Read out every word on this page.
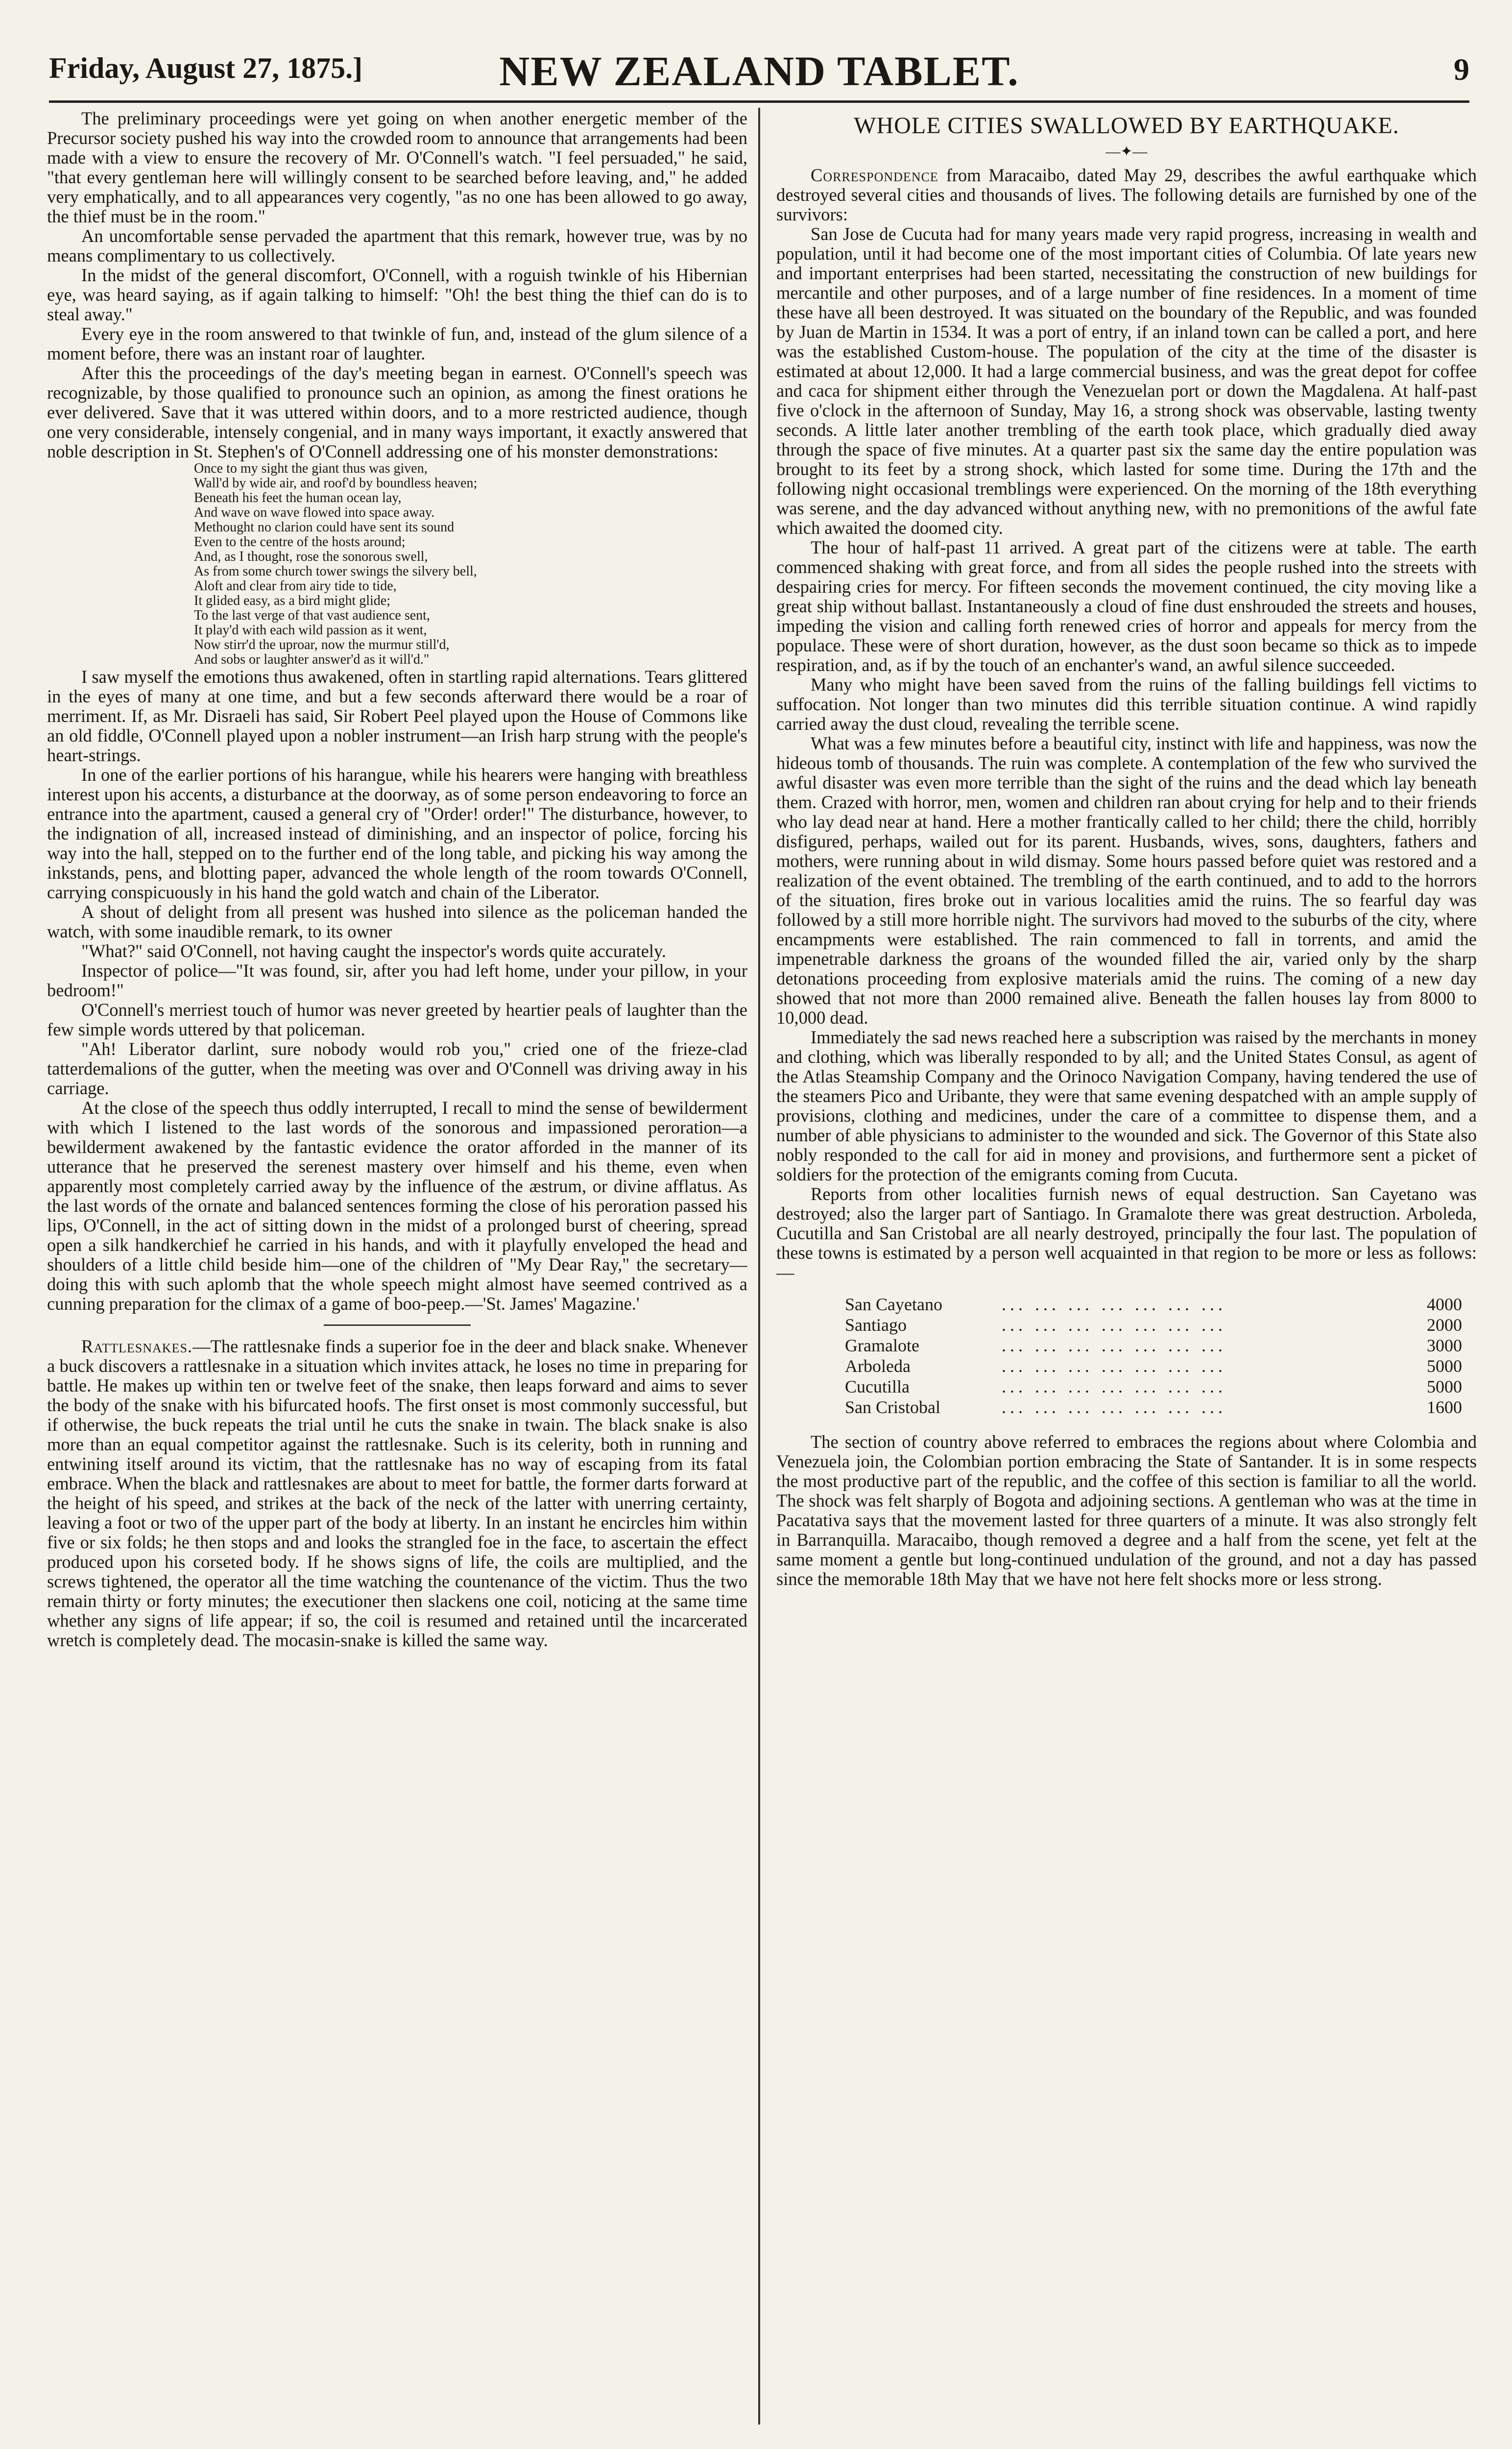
Friday, August 27, 1875.]	NEW ZEALAND TABLET.	9

The preliminary proceedings were yet going on when another energetic member of the Precursor society pushed his way into the crowded room to announce that arrangements had been made with a view to ensure the recovery of Mr. O'Connell's watch. "I feel persuaded," he said, "that every gentleman here will willingly consent to be searched before leaving, and," he added very emphatically, and to all appearances very cogently, "as no one has been allowed to go away, the thief must be in the room."

An uncomfortable sense pervaded the apartment that this remark, however true, was by no means complimentary to us collectively.

In the midst of the general discomfort, O'Connell, with a roguish twinkle of his Hibernian eye, was heard saying, as if again talking to himself: "Oh! the best thing the thief can do is to steal away."

Every eye in the room answered to that twinkle of fun, and, instead of the glum silence of a moment before, there was an instant roar of laughter.

After this the proceedings of the day's meeting began in earnest. O'Connell's speech was recognizable, by those qualified to pronounce such an opinion, as among the finest orations he ever delivered. Save that it was uttered within doors, and to a more restricted audience, though one very considerable, intensely congenial, and in many ways important, it exactly answered that noble description in St. Stephen's of O'Connell addressing one of his monster demonstrations:

Once to my sight the giant thus was given,
Wall'd by wide air, and roof'd by boundless heaven;
Beneath his feet the human ocean lay,
And wave on wave flowed into space away.
Methought no clarion could have sent its sound
Even to the centre of the hosts around;
And, as I thought, rose the sonorous swell,
As from some church tower swings the silvery bell,
Aloft and clear from airy tide to tide,
It glided easy, as a bird might glide;
To the last verge of that vast audience sent,
It play'd with each wild passion as it went,
Now stirr'd the uproar, now the murmur still'd,
And sobs or laughter answer'd as it will'd."

I saw myself the emotions thus awakened, often in startling rapid alternations. Tears glittered in the eyes of many at one time, and but a few seconds afterward there would be a roar of merriment. If, as Mr. Disraeli has said, Sir Robert Peel played upon the House of Commons like an old fiddle, O'Connell played upon a nobler instrument—an Irish harp strung with the people's heart-strings.

In one of the earlier portions of his harangue, while his hearers were hanging with breathless interest upon his accents, a disturbance at the doorway, as of some person endeavoring to force an entrance into the apartment, caused a general cry of "Order! order!" The disturbance, however, to the indignation of all, increased instead of diminishing, and an inspector of police, forcing his way into the hall, stepped on to the further end of the long table, and picking his way among the inkstands, pens, and blotting paper, advanced the whole length of the room towards O'Connell, carrying conspicuously in his hand the gold watch and chain of the Liberator.

A shout of delight from all present was hushed into silence as the policeman handed the watch, with some inaudible remark, to its owner

"What?" said O'Connell, not having caught the inspector's words quite accurately.

Inspector of police—"It was found, sir, after you had left home, under your pillow, in your bedroom!"

O'Connell's merriest touch of humor was never greeted by heartier peals of laughter than the few simple words uttered by that policeman.

"Ah! Liberator darlint, sure nobody would rob you," cried one of the frieze-clad tatterdemalions of the gutter, when the meeting was over and O'Connell was driving away in his carriage.

At the close of the speech thus oddly interrupted, I recall to mind the sense of bewilderment with which I listened to the last words of the sonorous and impassioned peroration—a bewilderment awakened by the fantastic evidence the orator afforded in the manner of its utterance that he preserved the serenest mastery over himself and his theme, even when apparently most completely carried away by the influence of the æstrum, or divine afflatus. As the last words of the ornate and balanced sentences forming the close of his peroration passed his lips, O'Connell, in the act of sitting down in the midst of a prolonged burst of cheering, spread open a silk handkerchief he carried in his hands, and with it playfully enveloped the head and shoulders of a little child beside him—one of the children of "My Dear Ray," the secretary—doing this with such aplomb that the whole speech might almost have seemed contrived as a cunning preparation for the climax of a game of boo-peep.—'St. James' Magazine.'

Rattlesnakes.—The rattlesnake finds a superior foe in the deer and black snake. Whenever a buck discovers a rattlesnake in a situation which invites attack, he loses no time in preparing for battle. He makes up within ten or twelve feet of the snake, then leaps forward and aims to sever the body of the snake with his bifurcated hoofs. The first onset is most commonly successful, but if otherwise, the buck repeats the trial until he cuts the snake in twain. The black snake is also more than an equal competitor against the rattlesnake. Such is its celerity, both in running and entwining itself around its victim, that the rattlesnake has no way of escaping from its fatal embrace. When the black and rattlesnakes are about to meet for battle, the former darts forward at the height of his speed, and strikes at the back of the neck of the latter with unerring certainty, leaving a foot or two of the upper part of the body at liberty. In an instant he encircles him within five or six folds; he then stops and and looks the strangled foe in the face, to ascertain the effect produced upon his corseted body. If he shows signs of life, the coils are multiplied, and the screws tightened, the operator all the time watching the countenance of the victim. Thus the two remain thirty or forty minutes; the executioner then slackens one coil, noticing at the same time whether any signs of life appear; if so, the coil is resumed and retained until the incarcerated wretch is completely dead. The mocasin-snake is killed the same way.

WHOLE CITIES SWALLOWED BY EARTHQUAKE.
—✦—

Correspondence from Maracaibo, dated May 29, describes the awful earthquake which destroyed several cities and thousands of lives. The following details are furnished by one of the survivors:

San Jose de Cucuta had for many years made very rapid progress, increasing in wealth and population, until it had become one of the most important cities of Columbia. Of late years new and important enterprises had been started, necessitating the construction of new buildings for mercantile and other purposes, and of a large number of fine residences. In a moment of time these have all been destroyed. It was situated on the boundary of the Republic, and was founded by Juan de Martin in 1534. It was a port of entry, if an inland town can be called a port, and here was the established Custom-house. The population of the city at the time of the disaster is estimated at about 12,000. It had a large commercial business, and was the great depot for coffee and caca for shipment either through the Venezuelan port or down the Magdalena. At half-past five o'clock in the afternoon of Sunday, May 16, a strong shock was observable, lasting twenty seconds. A little later another trembling of the earth took place, which gradually died away through the space of five minutes. At a quarter past six the same day the entire population was brought to its feet by a strong shock, which lasted for some time. During the 17th and the following night occasional tremblings were experienced. On the morning of the 18th everything was serene, and the day advanced without anything new, with no premonitions of the awful fate which awaited the doomed city.

The hour of half-past 11 arrived. A great part of the citizens were at table. The earth commenced shaking with great force, and from all sides the people rushed into the streets with despairing cries for mercy. For fifteen seconds the movement continued, the city moving like a great ship without ballast. Instantaneously a cloud of fine dust enshrouded the streets and houses, impeding the vision and calling forth renewed cries of horror and appeals for mercy from the populace. These were of short duration, however, as the dust soon became so thick as to impede respiration, and, as if by the touch of an enchanter's wand, an awful silence succeeded.

Many who might have been saved from the ruins of the falling buildings fell victims to suffocation. Not longer than two minutes did this terrible situation continue. A wind rapidly carried away the dust cloud, revealing the terrible scene.

What was a few minutes before a beautiful city, instinct with life and happiness, was now the hideous tomb of thousands. The ruin was complete. A contemplation of the few who survived the awful disaster was even more terrible than the sight of the ruins and the dead which lay beneath them. Crazed with horror, men, women and children ran about crying for help and to their friends who lay dead near at hand. Here a mother frantically called to her child; there the child, horribly disfigured, perhaps, wailed out for its parent. Husbands, wives, sons, daughters, fathers and mothers, were running about in wild dismay. Some hours passed before quiet was restored and a realization of the event obtained. The trembling of the earth continued, and to add to the horrors of the situation, fires broke out in various localities amid the ruins. The so fearful day was followed by a still more horrible night. The survivors had moved to the suburbs of the city, where encampments were established. The rain commenced to fall in torrents, and amid the impenetrable darkness the groans of the wounded filled the air, varied only by the sharp detonations proceeding from explosive materials amid the ruins. The coming of a new day showed that not more than 2000 remained alive. Beneath the fallen houses lay from 8000 to 10,000 dead.

Immediately the sad news reached here a subscription was raised by the merchants in money and clothing, which was liberally responded to by all; and the United States Consul, as agent of the Atlas Steamship Company and the Orinoco Navigation Company, having tendered the use of the steamers Pico and Uribante, they were that same evening despatched with an ample supply of provisions, clothing and medicines, under the care of a committee to dispense them, and a number of able physicians to administer to the wounded and sick. The Governor of this State also nobly responded to the call for aid in money and provisions, and furthermore sent a picket of soldiers for the protection of the emigrants coming from Cucuta.

Reports from other localities furnish news of equal destruction. San Cayetano was destroyed; also the larger part of Santiago. In Gramalote there was great destruction. Arboleda, Cucutilla and San Cristobal are all nearly destroyed, principally the four last. The population of these towns is estimated by a person well acquainted in that region to be more or less as follows:—

San Cayetano	... ... ... ... ... ... ...	4000
Santiago	... ... ... ... ... ... ...	2000
Gramalote	... ... ... ... ... ... ...	3000
Arboleda	... ... ... ... ... ... ...	5000
Cucutilla	... ... ... ... ... ... ...	5000
San Cristobal	... ... ... ... ... ... ...	1600

The section of country above referred to embraces the regions about where Colombia and Venezuela join, the Colombian portion embracing the State of Santander. It is in some respects the most productive part of the republic, and the coffee of this section is familiar to all the world. The shock was felt sharply of Bogota and adjoining sections. A gentleman who was at the time in Pacatativa says that the movement lasted for three quarters of a minute. It was also strongly felt in Barranquilla. Maracaibo, though removed a degree and a half from the scene, yet felt at the same moment a gentle but long-continued undulation of the ground, and not a day has passed since the memorable 18th May that we have not here felt shocks more or less strong.
